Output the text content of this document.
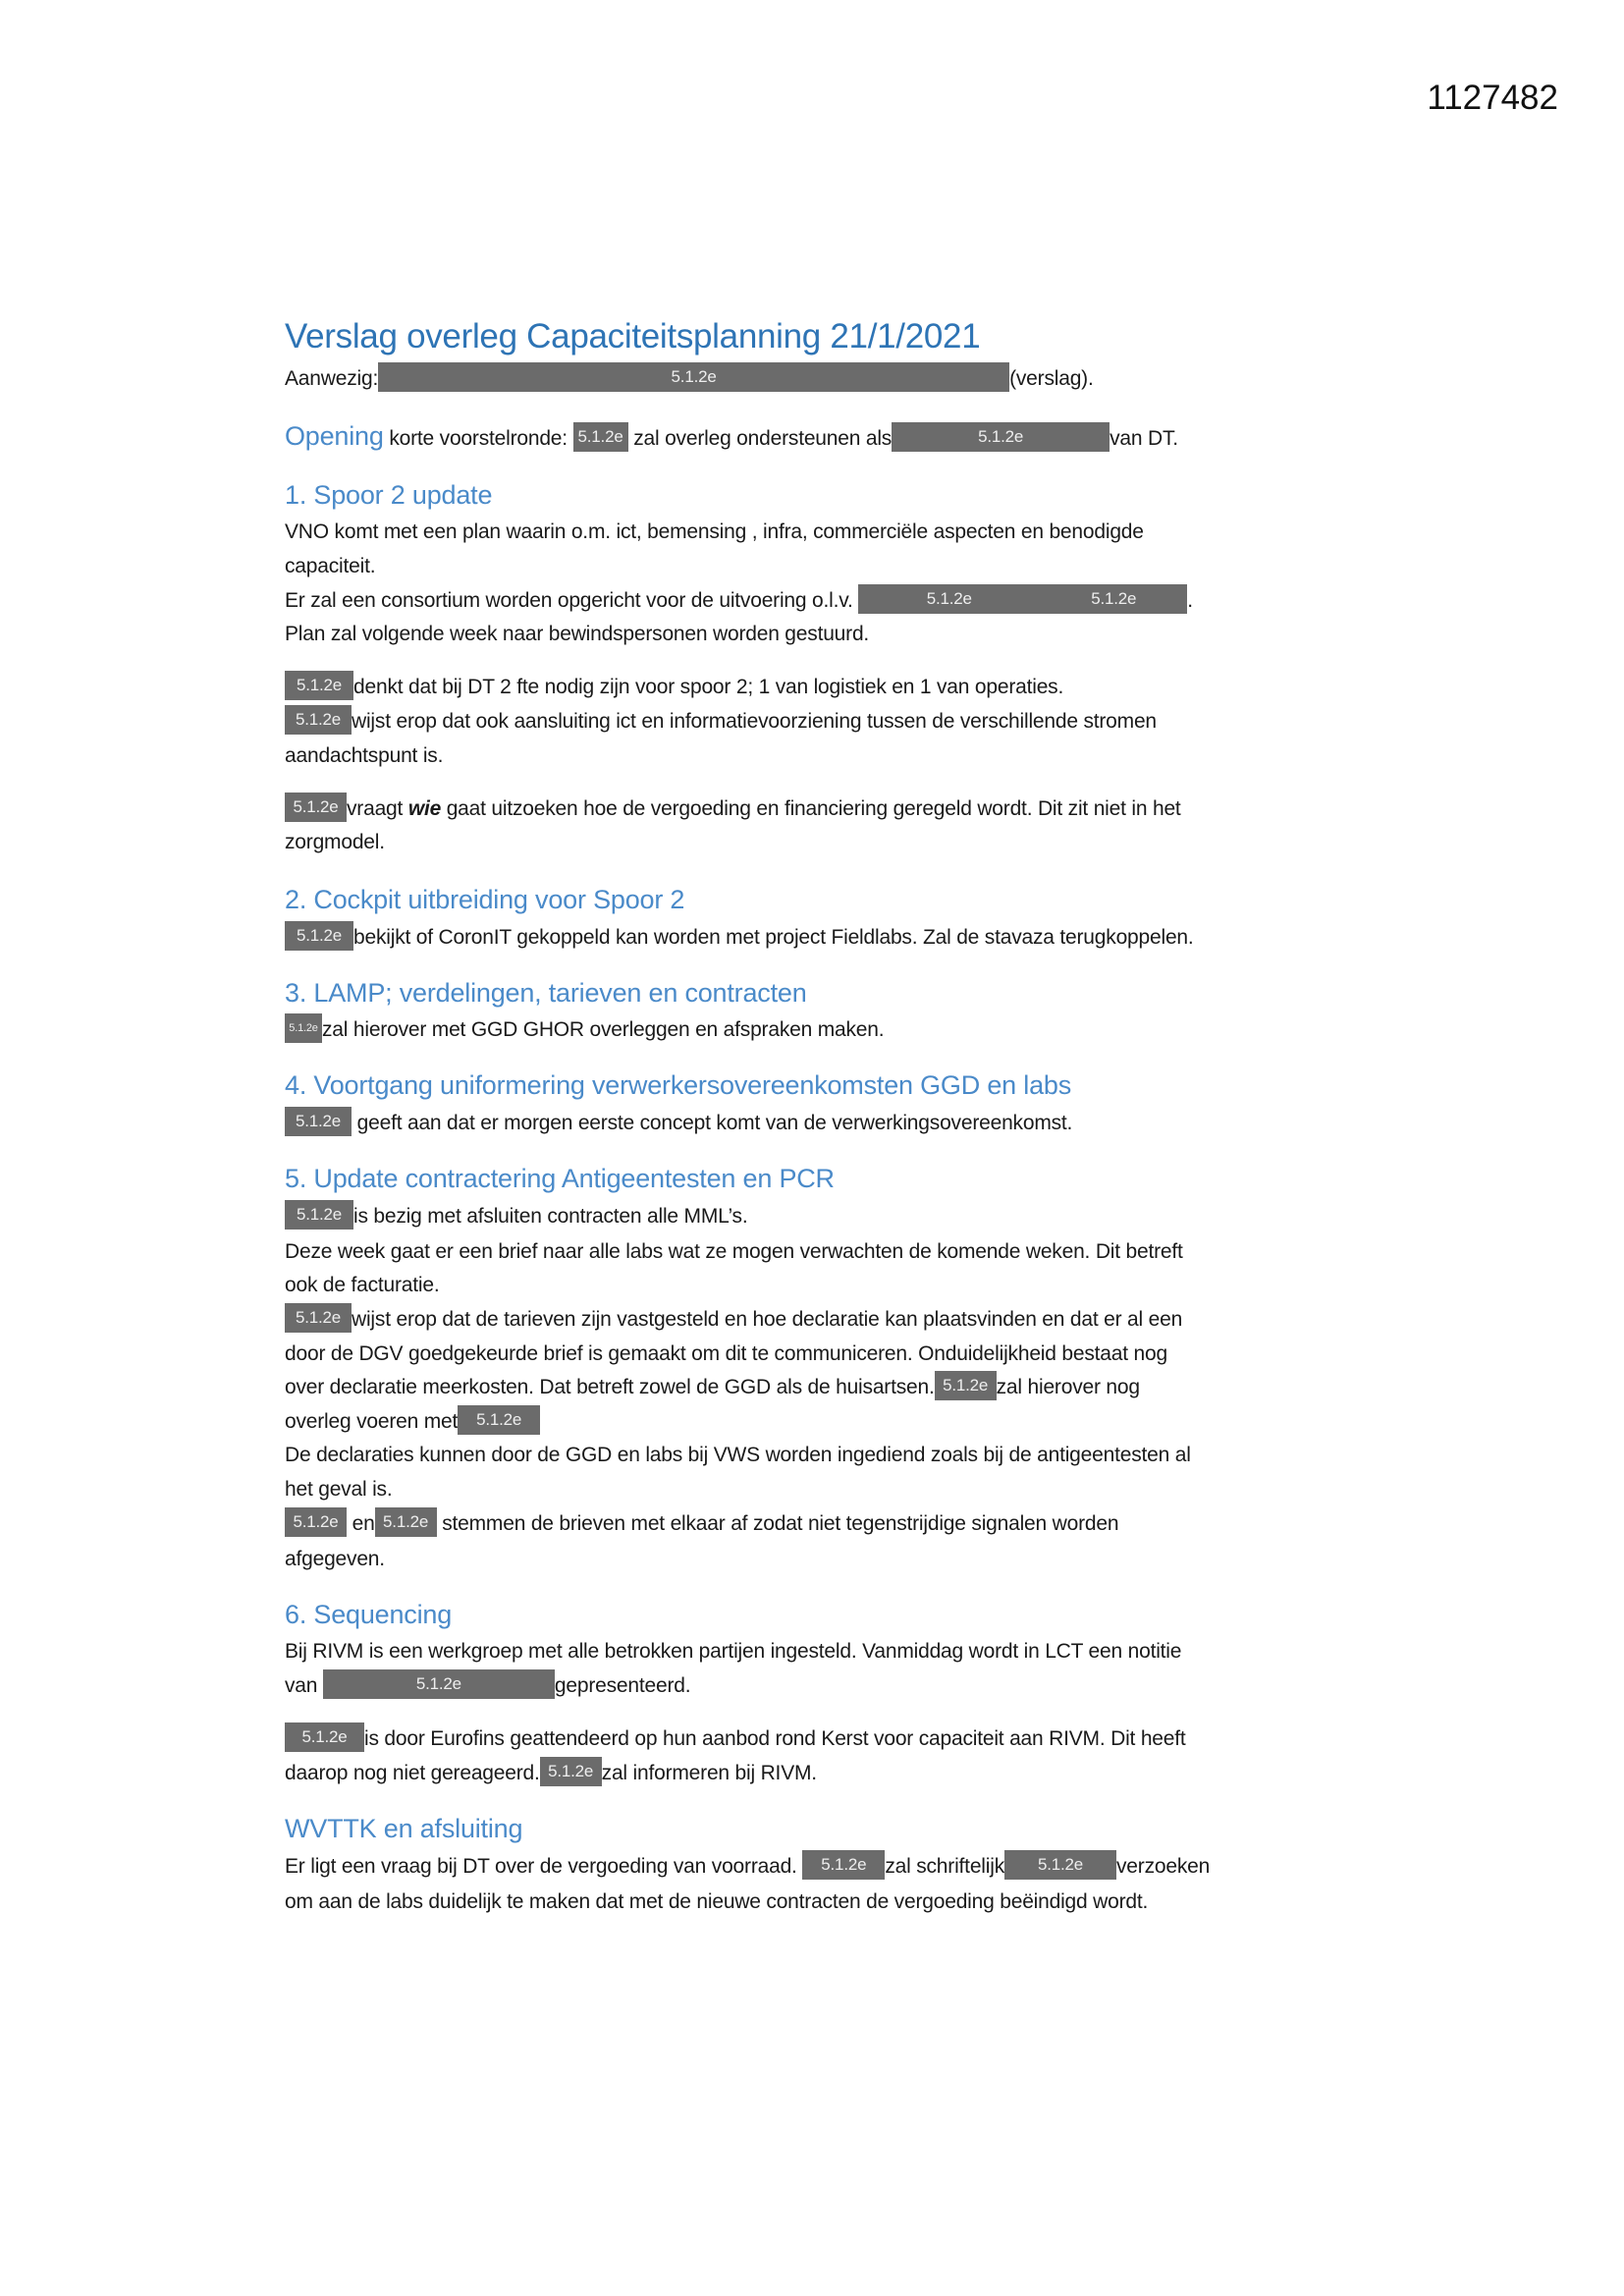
1127482
Verslag overleg Capaciteitsplanning 21/1/2021
Aanwezig:	5.1.2e	(verslag).
Opening korte voorstelronde: 5.1.2e zal overleg ondersteunen als	5.1.2e	van DT.
1. Spoor 2 update
VNO komt met een plan waarin o.m. ict, bemensing , infra, commerciële aspecten en benodigde
capaciteit.
Er zal een consortium worden opgericht voor de uitvoering o.l.v.	5.1.2e	5.1.2e .
Plan zal volgende week naar bewindspersonen worden gestuurd.
5.1.2e denkt dat bij DT 2 fte nodig zijn voor spoor 2; 1 van logistiek en 1 van operaties.
5.1.2e wijst erop dat ook aansluiting ict en informatievoorziening tussen de verschillende stromen
aandachtspunt is.
5.1.2e vraagt wie gaat uitzoeken hoe de vergoeding en financiering geregeld wordt. Dit zit niet in het
zorgmodel.
2. Cockpit uitbreiding voor Spoor 2
5.1.2e bekijkt of CoronIT gekoppeld kan worden met project Fieldlabs. Zal de stavaza terugkoppelen.
3. LAMP; verdelingen, tarieven en contracten
5.1.2e zal hierover met GGD GHOR overleggen en afspraken maken.
4. Voortgang uniformering verwerkersovereenkomsten GGD en labs
5.1.2e geeft aan dat er morgen eerste concept komt van de verwerkingsovereenkomst.
5. Update contractering Antigeentesten en PCR
5.1.2e is bezig met afsluiten contracten alle MML’s.
Deze week gaat er een brief naar alle labs wat ze mogen verwachten de komende weken. Dit betreft
ook de facturatie.
5.1.2e wijst erop dat de tarieven zijn vastgesteld en hoe declaratie kan plaatsvinden en dat er al een
door de DGV goedgekeurde brief is gemaakt om dit te communiceren. Onduidelijkheid bestaat nog
over declaratie meerkosten. Dat betreft zowel de GGD als de huisartsen. 5.1.2e zal hierover nog
overleg voeren met 5.1.2e
De declaraties kunnen door de GGD en labs bij VWS worden ingediend zoals bij de antigeentesten al
het geval is.
5.1.2e en 5.1.2e stemmen de brieven met elkaar af zodat niet tegenstrijdige signalen worden
afgegeven.
6. Sequencing
Bij RIVM is een werkgroep met alle betrokken partijen ingesteld. Vanmiddag wordt in LCT een notitie
van	5.1.2e	gepresenteerd.
5.1.2e is door Eurofins geattendeerd op hun aanbod rond Kerst voor capaciteit aan RIVM. Dit heeft
daarop nog niet gereageerd. 5.1.2e zal informeren bij RIVM.
WVTTK en afsluiting
Er ligt een vraag bij DT over de vergoeding van voorraad. 5.1.2e zal schriftelijk 5.1.2e verzoeken
om aan de labs duidelijk te maken dat met de nieuwe contracten de vergoeding beëindigd wordt.
